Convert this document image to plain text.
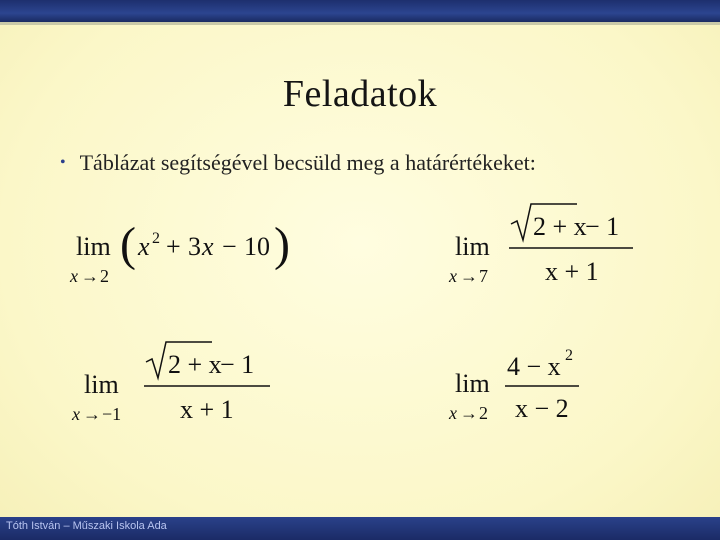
Feladatok
• Táblázat segítségével becsüld meg a határértékeket:
lim
x → 2
( x 2 + 3 x − 10 )	lim
x → 7
2 + x
− 1
x + 1
lim
x → −1
2 + x
− 1
x + 1
lim
x → 2
4 − x 2
x − 2
Tóth István – Műszaki Iskola Ada
